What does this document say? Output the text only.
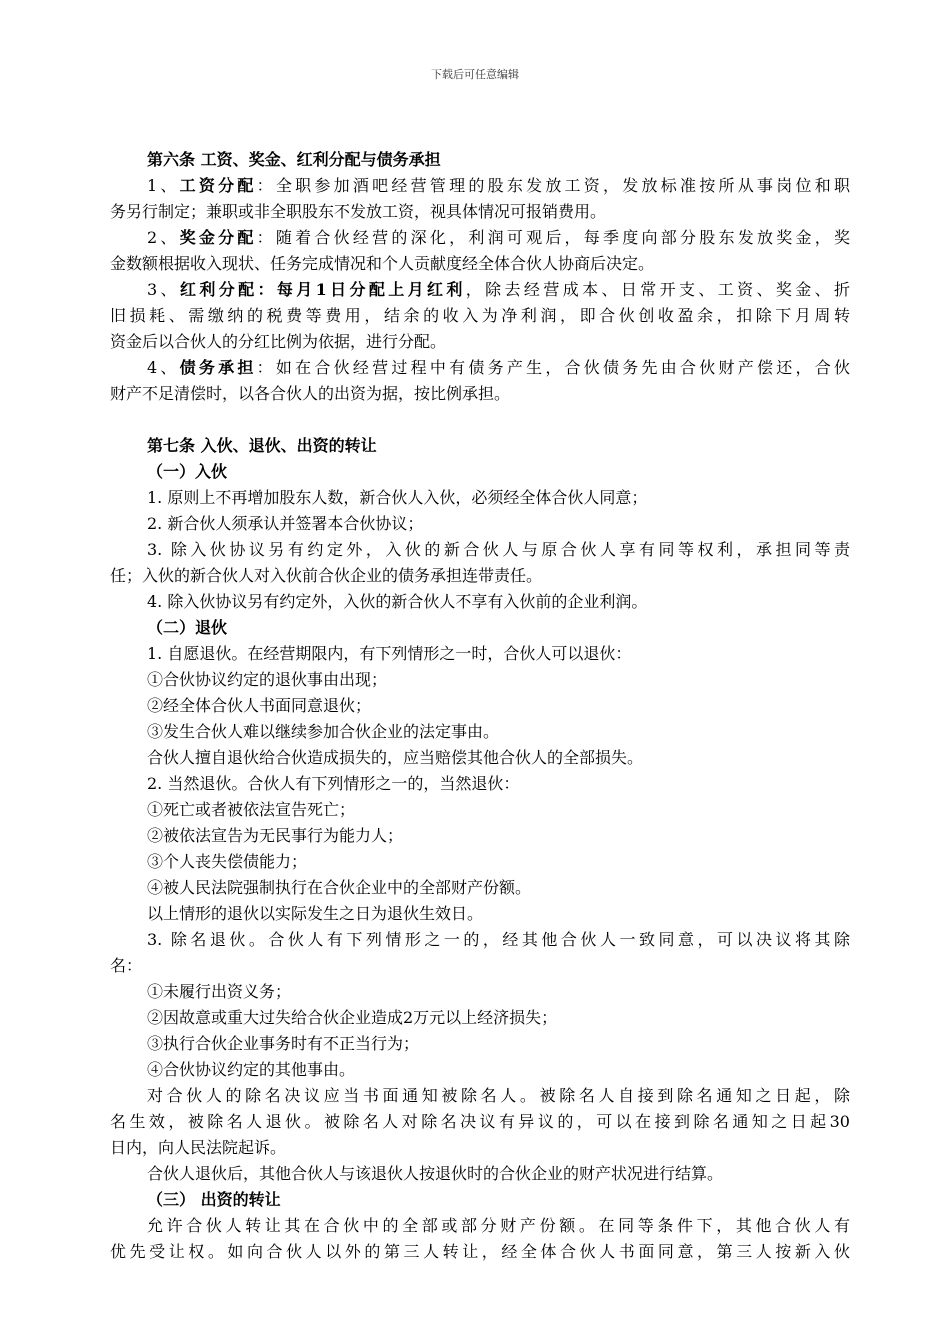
下载后可任意编辑
第六条 工资、奖金、红利分配与债务承担
1、工资分配：全职参加酒吧经营管理的股东发放工资，发放标准按所从事岗位和职
务另行制定；兼职或非全职股东不发放工资，视具体情况可报销费用。
2、奖金分配：随着合伙经营的深化，利润可观后，每季度向部分股东发放奖金，奖
金数额根据收入现状、任务完成情况和个人贡献度经全体合伙人协商后决定。
3、红利分配：每月1日分配上月红利，除去经营成本、日常开支、工资、奖金、折
旧损耗、需缴纳的税费等费用，结余的收入为净利润，即合伙创收盈余，扣除下月周转
资金后以合伙人的分红比例为依据，进行分配。
4、债务承担：如在合伙经营过程中有债务产生，合伙债务先由合伙财产偿还，合伙
财产不足清偿时，以各合伙人的出资为据，按比例承担。
第七条 入伙、退伙、出资的转让
（一）入伙
1. 原则上不再增加股东人数，新合伙人入伙，必须经全体合伙人同意；
2. 新合伙人须承认并签署本合伙协议；
3. 除入伙协议另有约定外，入伙的新合伙人与原合伙人享有同等权利，承担同等责
任；入伙的新合伙人对入伙前合伙企业的债务承担连带责任。
4. 除入伙协议另有约定外，入伙的新合伙人不享有入伙前的企业利润。
（二）退伙
1. 自愿退伙。在经营期限内，有下列情形之一时，合伙人可以退伙：
①合伙协议约定的退伙事由出现；
②经全体合伙人书面同意退伙；
③发生合伙人难以继续参加合伙企业的法定事由。
合伙人擅自退伙给合伙造成损失的，应当赔偿其他合伙人的全部损失。
2. 当然退伙。合伙人有下列情形之一的，当然退伙：
①死亡或者被依法宣告死亡；
②被依法宣告为无民事行为能力人；
③个人丧失偿债能力；
④被人民法院强制执行在合伙企业中的全部财产份额。
以上情形的退伙以实际发生之日为退伙生效日。
3. 除名退伙。合伙人有下列情形之一的，经其他合伙人一致同意，可以决议将其除
名：
①未履行出资义务；
②因故意或重大过失给合伙企业造成2万元以上经济损失；
③执行合伙企业事务时有不正当行为；
④合伙协议约定的其他事由。
对合伙人的除名决议应当书面通知被除名人。被除名人自接到除名通知之日起，除
名生效，被除名人退伙。被除名人对除名决议有异议的，可以在接到除名通知之日起30
日内，向人民法院起诉。
合伙人退伙后，其他合伙人与该退伙人按退伙时的合伙企业的财产状况进行结算。
（三） 出资的转让
允许合伙人转让其在合伙中的全部或部分财产份额。在同等条件下，其他合伙人有
优先受让权。如向合伙人以外的第三人转让，经全体合伙人书面同意，第三人按新入伙
